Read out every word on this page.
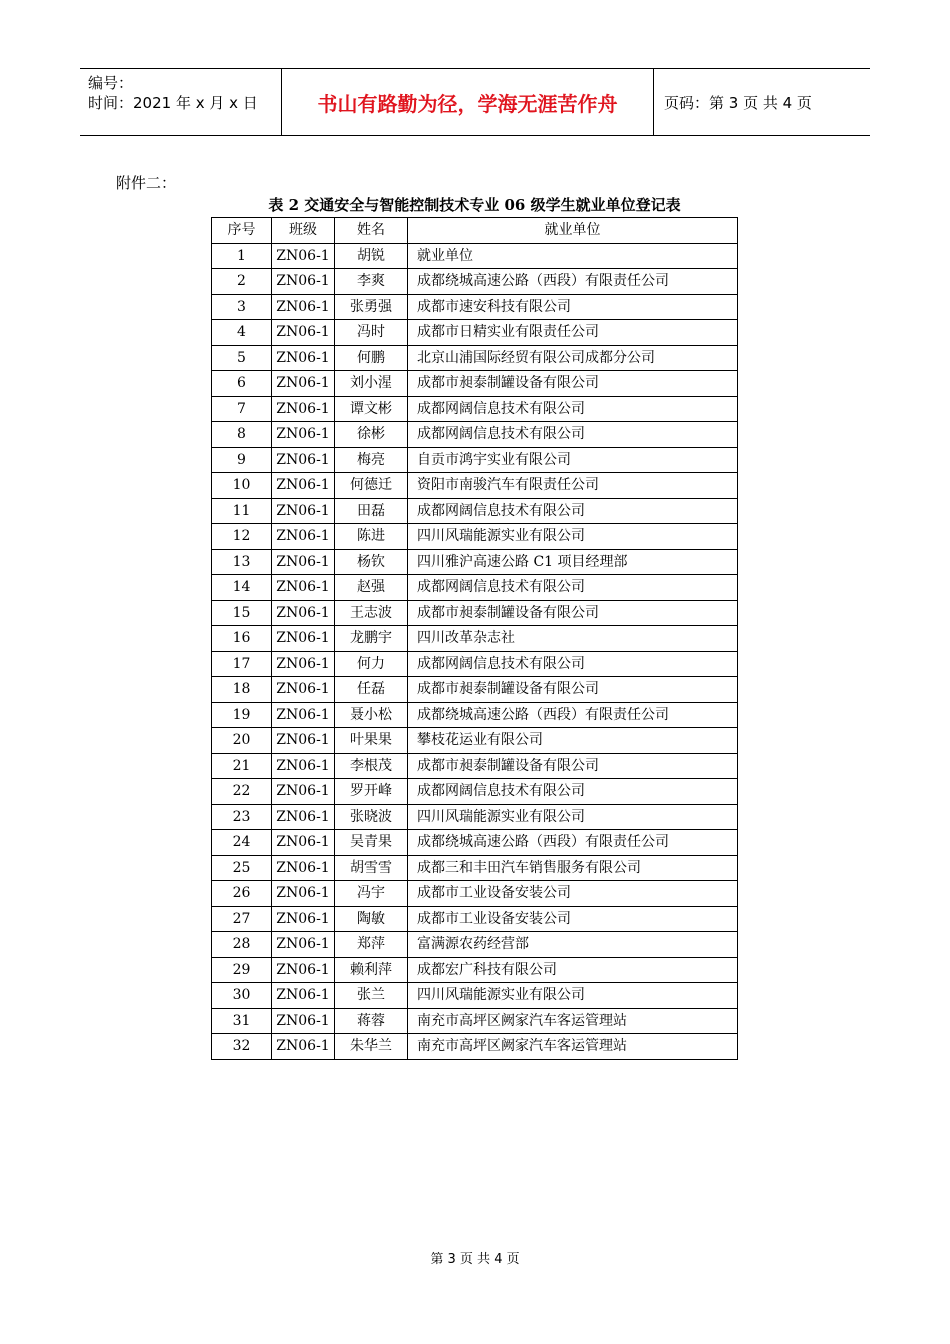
编号：
时间：2021 年 x 月 x 日	书山有路勤为径，学海无涯苦作舟	页码：第 3 页 共 4 页
附件二：
表 2 交通安全与智能控制技术专业 06 级学生就业单位登记表
序号	班级	姓名	就业单位
1	ZN06-1	胡锐	就业单位
2	ZN06-1	李爽	成都绕城高速公路（西段）有限责任公司
3	ZN06-1	张勇强	成都市速安科技有限公司
4	ZN06-1	冯时	成都市日精实业有限责任公司
5	ZN06-1	何鹏	北京山浦国际经贸有限公司成都分公司
6	ZN06-1	刘小湦	成都市昶泰制罐设备有限公司
7	ZN06-1	谭文彬	成都网阔信息技术有限公司
8	ZN06-1	徐彬	成都网阔信息技术有限公司
9	ZN06-1	梅亮	自贡市鸿宇实业有限公司
10	ZN06-1	何德迁	资阳市南骏汽车有限责任公司
11	ZN06-1	田磊	成都网阔信息技术有限公司
12	ZN06-1	陈进	四川风瑞能源实业有限公司
13	ZN06-1	杨钦	四川雅沪高速公路 C1 项目经理部
14	ZN06-1	赵强	成都网阔信息技术有限公司
15	ZN06-1	王志波	成都市昶泰制罐设备有限公司
16	ZN06-1	龙鹏宇	四川改革杂志社
17	ZN06-1	何力	成都网阔信息技术有限公司
18	ZN06-1	任磊	成都市昶泰制罐设备有限公司
19	ZN06-1	聂小松	成都绕城高速公路（西段）有限责任公司
20	ZN06-1	叶果果	攀枝花运业有限公司
21	ZN06-1	李根茂	成都市昶泰制罐设备有限公司
22	ZN06-1	罗开峰	成都网阔信息技术有限公司
23	ZN06-1	张晓波	四川风瑞能源实业有限公司
24	ZN06-1	吴青果	成都绕城高速公路（西段）有限责任公司
25	ZN06-1	胡雪雪	成都三和丰田汽车销售服务有限公司
26	ZN06-1	冯宇	成都市工业设备安装公司
27	ZN06-1	陶敏	成都市工业设备安装公司
28	ZN06-1	郑萍	富满源农药经营部
29	ZN06-1	赖利萍	成都宏广科技有限公司
30	ZN06-1	张兰	四川风瑞能源实业有限公司
31	ZN06-1	蒋蓉	南充市高坪区阙家汽车客运管理站
32	ZN06-1	朱华兰	南充市高坪区阙家汽车客运管理站
第 3 页 共 4 页
